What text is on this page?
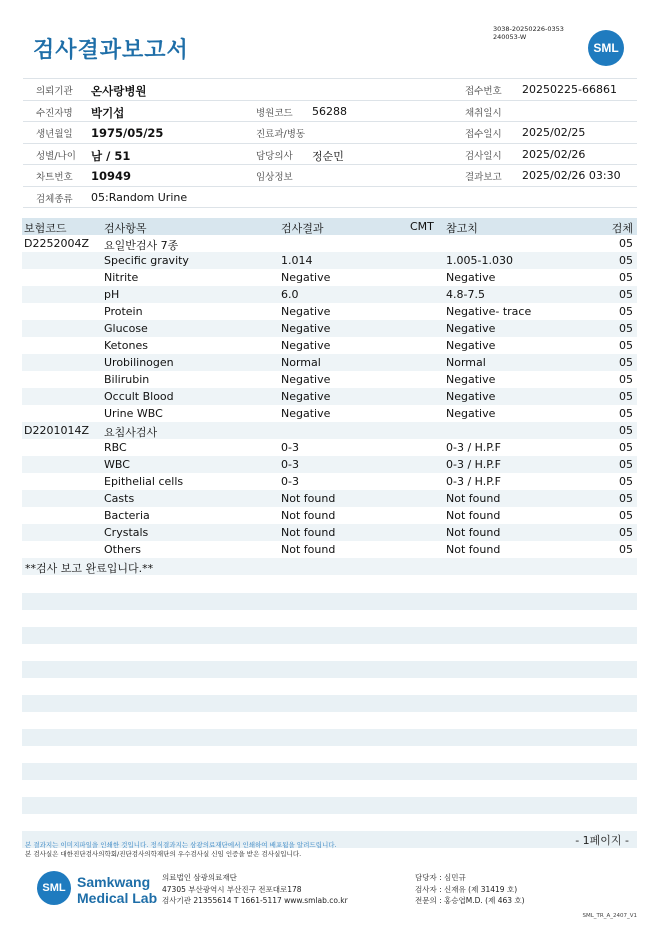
검사결과보고서
3038-20250226-0353
240053-W
SML
의뢰기관 온사랑병원	접수번호 20250225-66861
수진자명 박기섭	병원코드 56288	채취일시
생년월일 1975/05/25	진료과/병동	접수일시 2025/02/25
성별/나이 남 / 51	담당의사 정순민	검사일시 2025/02/26
차트번호 10949	임상정보	결과보고 2025/02/26 03:30
검체종류 05:Random Urine
보험코드	검사항목	검사결과	CMT 참고치	검체
D2252004Z 요일반검사 7종	05
Specific gravity	1.014	1.005-1.030	05
Nitrite	Negative	Negative	05
pH	6.0	4.8-7.5	05
Protein	Negative	Negative- trace	05
Glucose	Negative	Negative	05
Ketones	Negative	Negative	05
Urobilinogen	Normal	Normal	05
Bilirubin	Negative	Negative	05
Occult Blood	Negative	Negative	05
Urine WBC	Negative	Negative	05
D2201014Z 요침사검사	05
RBC	0-3	0-3 / H.P.F	05
WBC	0-3	0-3 / H.P.F	05
Epithelial cells	0-3	0-3 / H.P.F	05
Casts	Not found	Not found	05
Bacteria	Not found	Not found	05
Crystals	Not found	Not found	05
Others	Not found	Not found	05
**검사 보고 완료입니다.**
- 1페이지 -
본 결과지는 이미지파일을 인쇄한 것입니다. 정식결과지는 삼광의료재단에서 인쇄하여 배포됨을 알려드립니다.
본 검사실은 대한진단검사의학회/진단검사의학재단의 우수검사실 신임 인증을 받은 검사실입니다.
SML Samkwang
Medical Lab
의료법인 삼광의료재단
47305 부산광역시 부산진구 전포대로178
검사기관 21355614 T 1661-5117 www.smlab.co.kr
담당자 : 심민규
검사자 : 신재유 (제 31419 호)
전문의 : 홍승엽M.D. (제 463 호)
SML_TR_A_2407_V1
